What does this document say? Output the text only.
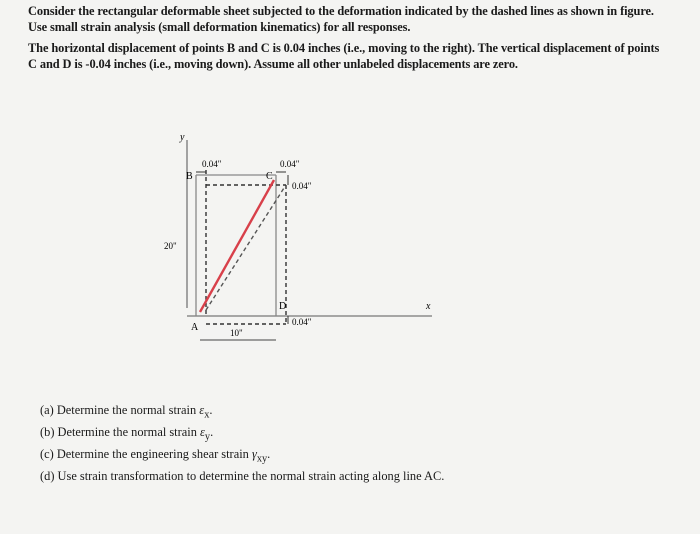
Consider the rectangular deformable sheet subjected to the deformation indicated by the dashed lines as shown in figure. Use small strain analysis (small deformation kinematics) for all responses.
The horizontal displacement of points B and C is 0.04 inches (i.e., moving to the right). The vertical displacement of points C and D is -0.04 inches (i.e., moving down). Assume all other unlabeled displacements are zero.
y
x
B	C
D
A
0.04"	0.04"
0.04"
0.04"
20"
10"
(a) Determine the normal strain $\varepsilon_x$.
(b) Determine the normal strain $\varepsilon_y$.
(c) Determine the engineering shear strain $\gamma_{xy}$.
(d) Use strain transformation to determine the normal strain acting along line AC.
